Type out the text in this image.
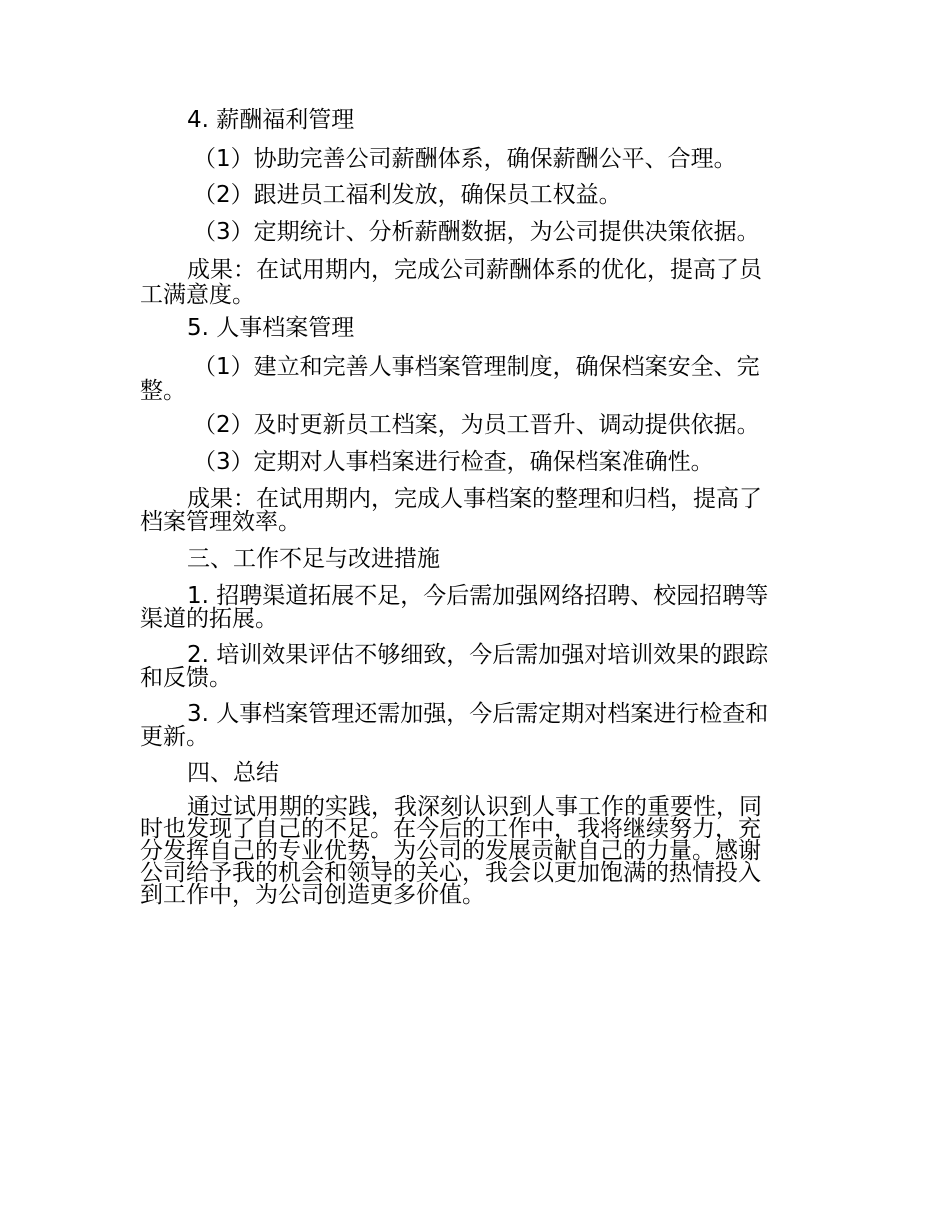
4. 薪酬福利管理
（1）协助完善公司薪酬体系，确保薪酬公平、合理。
（2）跟进员工福利发放，确保员工权益。
（3）定期统计、分析薪酬数据，为公司提供决策依据。
成果：在试用期内，完成公司薪酬体系的优化，提高了员
工满意度。
5. 人事档案管理
（1）建立和完善人事档案管理制度，确保档案安全、完
整。
（2）及时更新员工档案，为员工晋升、调动提供依据。
（3）定期对人事档案进行检查，确保档案准确性。
成果：在试用期内，完成人事档案的整理和归档，提高了
档案管理效率。
三、工作不足与改进措施
1. 招聘渠道拓展不足，今后需加强网络招聘、校园招聘等
渠道的拓展。
2. 培训效果评估不够细致，今后需加强对培训效果的跟踪
和反馈。
3. 人事档案管理还需加强，今后需定期对档案进行检查和
更新。
四、总结
通过试用期的实践，我深刻认识到人事工作的重要性，同
时也发现了自己的不足。在今后的工作中，我将继续努力，充
分发挥自己的专业优势，为公司的发展贡献自己的力量。感谢
公司给予我的机会和领导的关心，我会以更加饱满的热情投入
到工作中，为公司创造更多价值。
